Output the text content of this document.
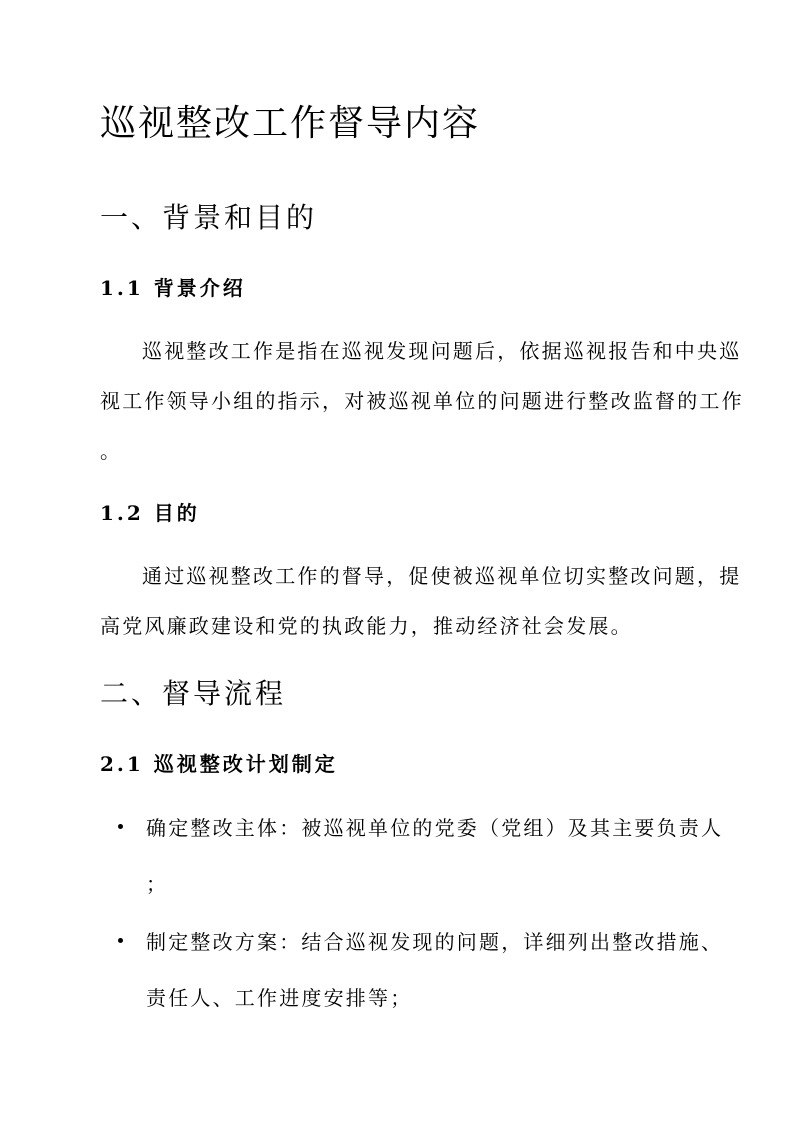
巡视整改工作督导内容
一、背景和目的
1.1 背景介绍
巡视整改工作是指在巡视发现问题后，依据巡视报告和中央巡
视工作领导小组的指示，对被巡视单位的问题进行整改监督的工作
。
1.2 目的
通过巡视整改工作的督导，促使被巡视单位切实整改问题，提
高党风廉政建设和党的执政能力，推动经济社会发展。
二、督导流程
2.1 巡视整改计划制定
确定整改主体：被巡视单位的党委（党组）及其主要负责人
；
制定整改方案：结合巡视发现的问题，详细列出整改措施、
责任人、工作进度安排等；
